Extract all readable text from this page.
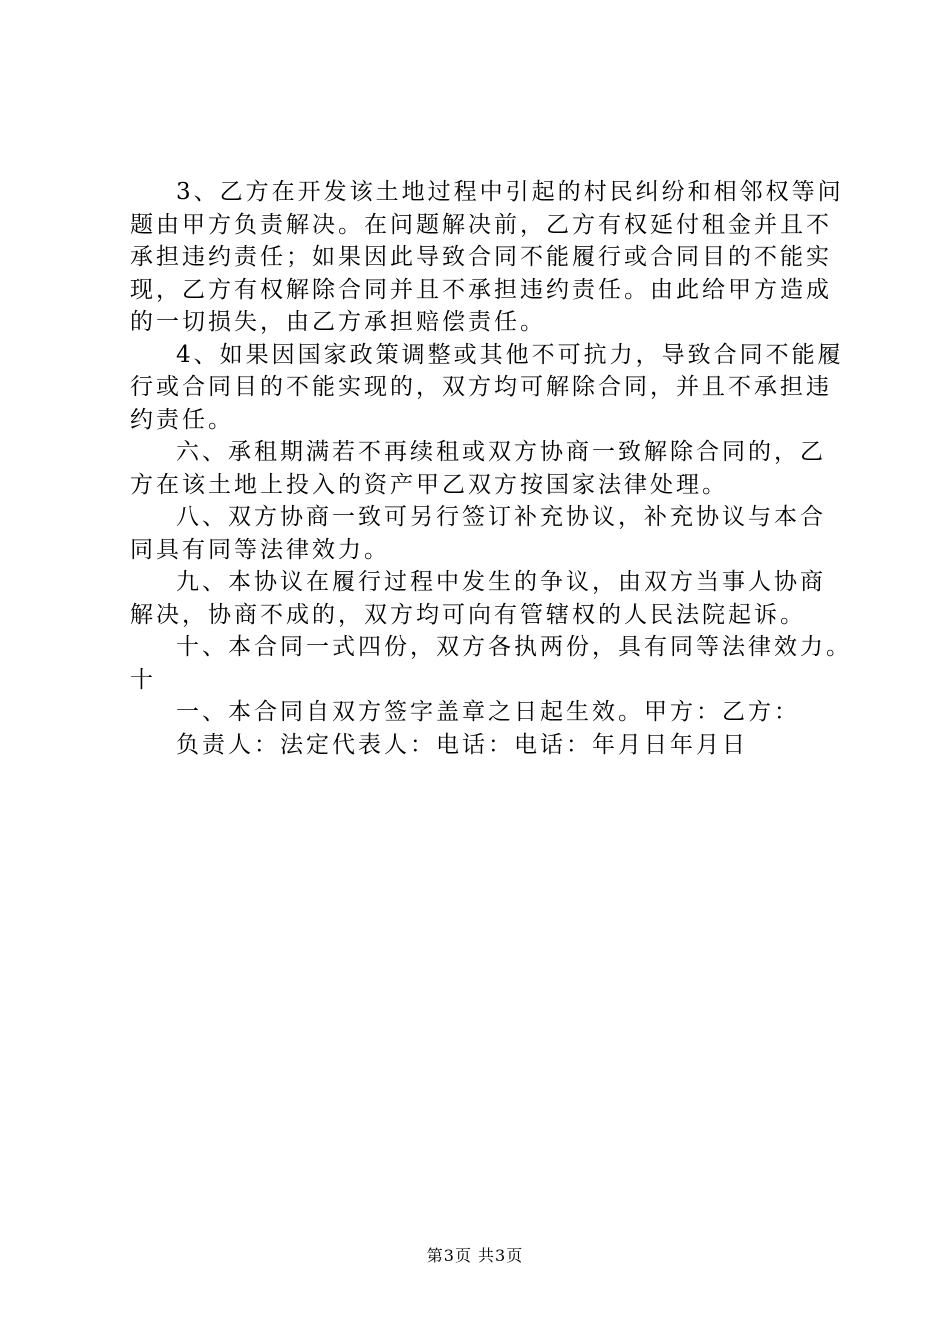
3、乙方在开发该土地过程中引起的村民纠纷和相邻权等问
题由甲方负责解决。在问题解决前，乙方有权延付租金并且不
承担违约责任；如果因此导致合同不能履行或合同目的不能实
现，乙方有权解除合同并且不承担违约责任。由此给甲方造成
的一切损失，由乙方承担赔偿责任。
4、如果因国家政策调整或其他不可抗力，导致合同不能履
行或合同目的不能实现的，双方均可解除合同，并且不承担违
约责任。
六、承租期满若不再续租或双方协商一致解除合同的，乙
方在该土地上投入的资产甲乙双方按国家法律处理。
八、双方协商一致可另行签订补充协议，补充协议与本合
同具有同等法律效力。
九、本协议在履行过程中发生的争议，由双方当事人协商
解决，协商不成的，双方均可向有管辖权的人民法院起诉。
十、本合同一式四份，双方各执两份，具有同等法律效力。
十
一、本合同自双方签字盖章之日起生效。甲方：乙方：
负责人：法定代表人：电话：电话：年月日年月日
第3页 共3页
